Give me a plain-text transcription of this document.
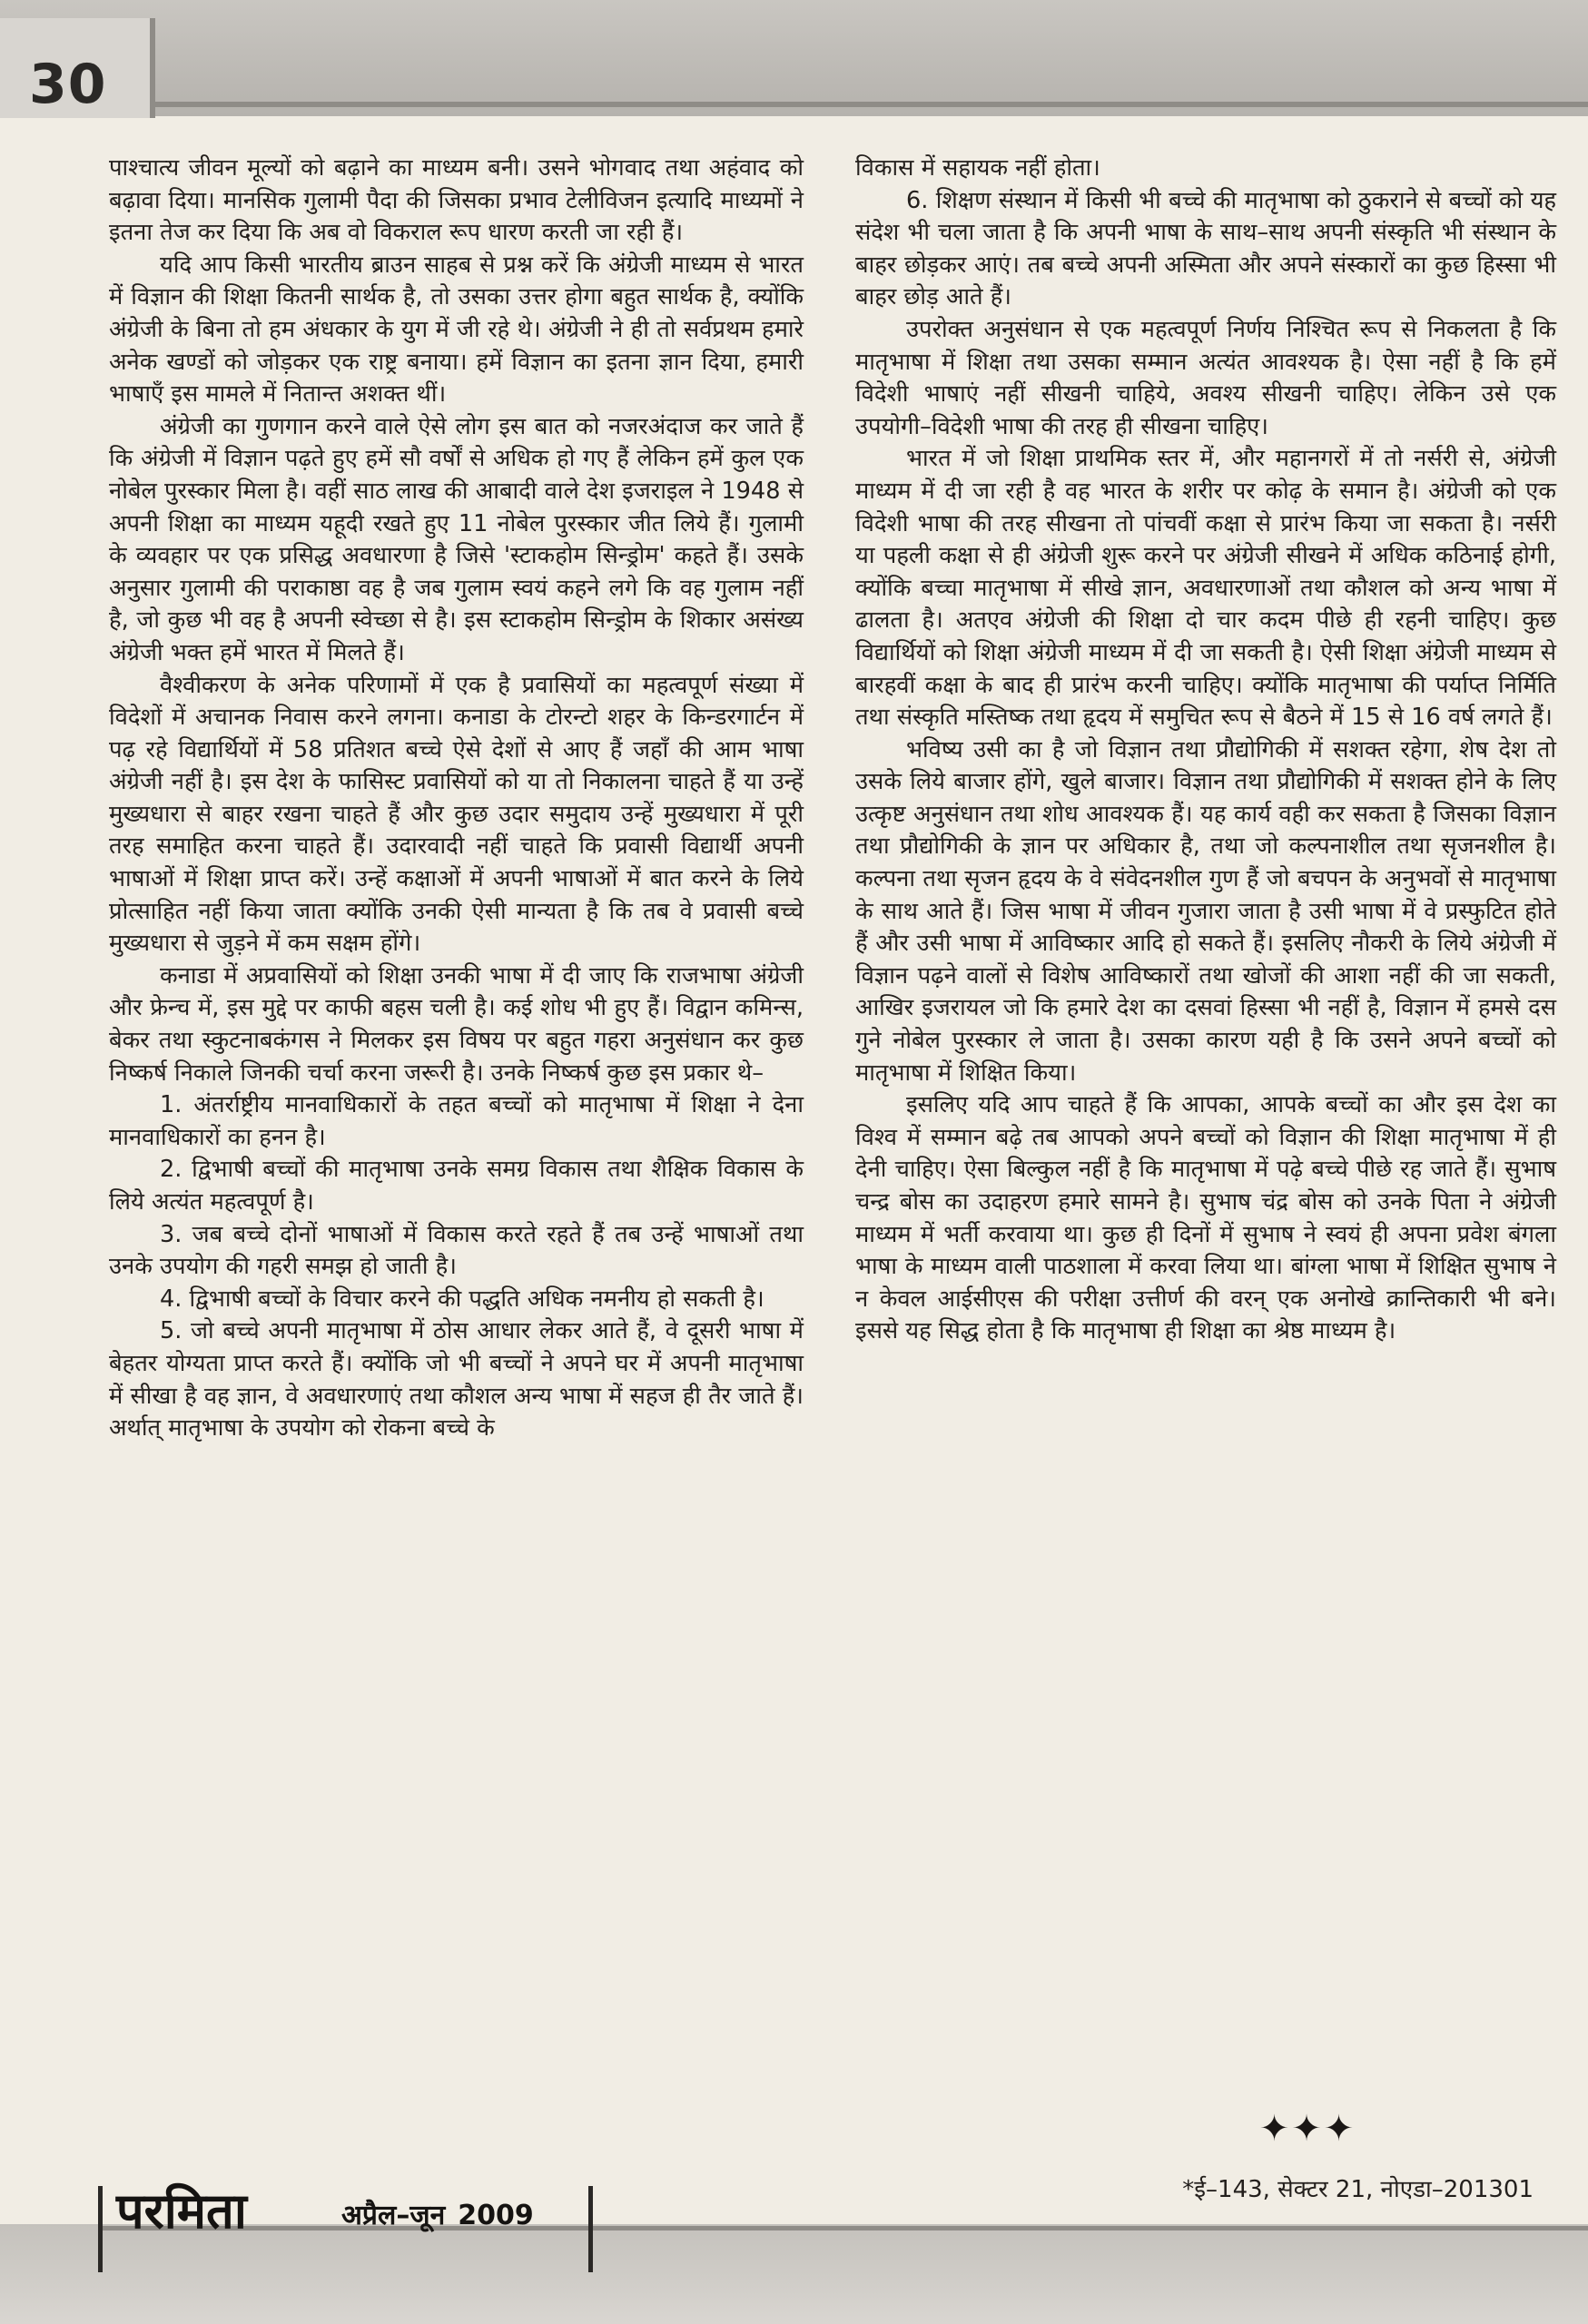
30

पाश्चात्य जीवन मूल्यों को बढ़ाने का माध्यम बनी। उसने भोगवाद तथा अहंवाद को बढ़ावा दिया। मानसिक गुलामी पैदा की जिसका प्रभाव टेलीविजन इत्यादि माध्यमों ने इतना तेज कर दिया कि अब वो विकराल रूप धारण करती जा रही हैं।

यदि आप किसी भारतीय ब्राउन साहब से प्रश्न करें कि अंग्रेजी माध्यम से भारत में विज्ञान की शिक्षा कितनी सार्थक है, तो उसका उत्तर होगा बहुत सार्थक है, क्योंकि अंग्रेजी के बिना तो हम अंधकार के युग में जी रहे थे। अंग्रेजी ने ही तो सर्वप्रथम हमारे अनेक खण्डों को जोड़कर एक राष्ट्र बनाया। हमें विज्ञान का इतना ज्ञान दिया, हमारी भाषाएँ इस मामले में नितान्त अशक्त थीं।

अंग्रेजी का गुणगान करने वाले ऐसे लोग इस बात को नजरअंदाज कर जाते हैं कि अंग्रेजी में विज्ञान पढ़ते हुए हमें सौ वर्षों से अधिक हो गए हैं लेकिन हमें कुल एक नोबेल पुरस्कार मिला है। वहीं साठ लाख की आबादी वाले देश इजराइल ने 1948 से अपनी शिक्षा का माध्यम यहूदी रखते हुए 11 नोबेल पुरस्कार जीत लिये हैं। गुलामी के व्यवहार पर एक प्रसिद्ध अवधारणा है जिसे 'स्टाकहोम सिन्ड्रोम' कहते हैं। उसके अनुसार गुलामी की पराकाष्ठा वह है जब गुलाम स्वयं कहने लगे कि वह गुलाम नहीं है, जो कुछ भी वह है अपनी स्वेच्छा से है। इस स्टाकहोम सिन्ड्रोम के शिकार असंख्य अंग्रेजी भक्त हमें भारत में मिलते हैं।

वैश्वीकरण के अनेक परिणामों में एक है प्रवासियों का महत्वपूर्ण संख्या में विदेशों में अचानक निवास करने लगना। कनाडा के टोरन्टो शहर के किन्डरगार्टन में पढ़ रहे विद्यार्थियों में 58 प्रतिशत बच्चे ऐसे देशों से आए हैं जहाँ की आम भाषा अंग्रेजी नहीं है। इस देश के फासिस्ट प्रवासियों को या तो निकालना चाहते हैं या उन्हें मुख्यधारा से बाहर रखना चाहते हैं और कुछ उदार समुदाय उन्हें मुख्यधारा में पूरी तरह समाहित करना चाहते हैं। उदारवादी नहीं चाहते कि प्रवासी विद्यार्थी अपनी भाषाओं में शिक्षा प्राप्त करें। उन्हें कक्षाओं में अपनी भाषाओं में बात करने के लिये प्रोत्साहित नहीं किया जाता क्योंकि उनकी ऐसी मान्यता है कि तब वे प्रवासी बच्चे मुख्यधारा से जुड़ने में कम सक्षम होंगे।

कनाडा में अप्रवासियों को शिक्षा उनकी भाषा में दी जाए कि राजभाषा अंग्रेजी और फ्रेन्च में, इस मुद्दे पर काफी बहस चली है। कई शोध भी हुए हैं। विद्वान कमिन्स, बेकर तथा स्कुटनाबकंगस ने मिलकर इस विषय पर बहुत गहरा अनुसंधान कर कुछ निष्कर्ष निकाले जिनकी चर्चा करना जरूरी है। उनके निष्कर्ष कुछ इस प्रकार थे–

1. अंतर्राष्ट्रीय मानवाधिकारों के तहत बच्चों को मातृभाषा में शिक्षा ने देना मानवाधिकारों का हनन है।

2. द्विभाषी बच्चों की मातृभाषा उनके समग्र विकास तथा शैक्षिक विकास के लिये अत्यंत महत्वपूर्ण है।

3. जब बच्चे दोनों भाषाओं में विकास करते रहते हैं तब उन्हें भाषाओं तथा उनके उपयोग की गहरी समझ हो जाती है।

4. द्विभाषी बच्चों के विचार करने की पद्धति अधिक नमनीय हो सकती है।

5. जो बच्चे अपनी मातृभाषा में ठोस आधार लेकर आते हैं, वे दूसरी भाषा में बेहतर योग्यता प्राप्त करते हैं। क्योंकि जो भी बच्चों ने अपने घर में अपनी मातृभाषा में सीखा है वह ज्ञान, वे अवधारणाएं तथा कौशल अन्य भाषा में सहज ही तैर जाते हैं। अर्थात् मातृभाषा के उपयोग को रोकना बच्चे के

विकास में सहायक नहीं होता।

6. शिक्षण संस्थान में किसी भी बच्चे की मातृभाषा को ठुकराने से बच्चों को यह संदेश भी चला जाता है कि अपनी भाषा के साथ–साथ अपनी संस्कृति भी संस्थान के बाहर छोड़कर आएं। तब बच्चे अपनी अस्मिता और अपने संस्कारों का कुछ हिस्सा भी बाहर छोड़ आते हैं।

उपरोक्त अनुसंधान से एक महत्वपूर्ण निर्णय निश्चित रूप से निकलता है कि मातृभाषा में शिक्षा तथा उसका सम्मान अत्यंत आवश्यक है। ऐसा नहीं है कि हमें विदेशी भाषाएं नहीं सीखनी चाहिये, अवश्य सीखनी चाहिए। लेकिन उसे एक उपयोगी–विदेशी भाषा की तरह ही सीखना चाहिए।

भारत में जो शिक्षा प्राथमिक स्तर में, और महानगरों में तो नर्सरी से, अंग्रेजी माध्यम में दी जा रही है वह भारत के शरीर पर कोढ़ के समान है। अंग्रेजी को एक विदेशी भाषा की तरह सीखना तो पांचवीं कक्षा से प्रारंभ किया जा सकता है। नर्सरी या पहली कक्षा से ही अंग्रेजी शुरू करने पर अंग्रेजी सीखने में अधिक कठिनाई होगी, क्योंकि बच्चा मातृभाषा में सीखे ज्ञान, अवधारणाओं तथा कौशल को अन्य भाषा में ढालता है। अतएव अंग्रेजी की शिक्षा दो चार कदम पीछे ही रहनी चाहिए। कुछ विद्यार्थियों को शिक्षा अंग्रेजी माध्यम में दी जा सकती है। ऐसी शिक्षा अंग्रेजी माध्यम से बारहवीं कक्षा के बाद ही प्रारंभ करनी चाहिए। क्योंकि मातृभाषा की पर्याप्त निर्मिति तथा संस्कृति मस्तिष्क तथा हृदय में समुचित रूप से बैठने में 15 से 16 वर्ष लगते हैं।

भविष्य उसी का है जो विज्ञान तथा प्रौद्योगिकी में सशक्त रहेगा, शेष देश तो उसके लिये बाजार होंगे, खुले बाजार। विज्ञान तथा प्रौद्योगिकी में सशक्त होने के लिए उत्कृष्ट अनुसंधान तथा शोध आवश्यक हैं। यह कार्य वही कर सकता है जिसका विज्ञान तथा प्रौद्योगिकी के ज्ञान पर अधिकार है, तथा जो कल्पनाशील तथा सृजनशील है। कल्पना तथा सृजन हृदय के वे संवेदनशील गुण हैं जो बचपन के अनुभवों से मातृभाषा के साथ आते हैं। जिस भाषा में जीवन गुजारा जाता है उसी भाषा में वे प्रस्फुटित होते हैं और उसी भाषा में आविष्कार आदि हो सकते हैं। इसलिए नौकरी के लिये अंग्रेजी में विज्ञान पढ़ने वालों से विशेष आविष्कारों तथा खोजों की आशा नहीं की जा सकती, आखिर इजरायल जो कि हमारे देश का दसवां हिस्सा भी नहीं है, विज्ञान में हमसे दस गुने नोबेल पुरस्कार ले जाता है। उसका कारण यही है कि उसने अपने बच्चों को मातृभाषा में शिक्षित किया।

इसलिए यदि आप चाहते हैं कि आपका, आपके बच्चों का और इस देश का विश्व में सम्मान बढ़े तब आपको अपने बच्चों को विज्ञान की शिक्षा मातृभाषा में ही देनी चाहिए। ऐसा बिल्कुल नहीं है कि मातृभाषा में पढ़े बच्चे पीछे रह जाते हैं। सुभाष चन्द्र बोस का उदाहरण हमारे सामने है। सुभाष चंद्र बोस को उनके पिता ने अंग्रेजी माध्यम में भर्ती करवाया था। कुछ ही दिनों में सुभाष ने स्वयं ही अपना प्रवेश बंगला भाषा के माध्यम वाली पाठशाला में करवा लिया था। बांग्ला भाषा में शिक्षित सुभाष ने न केवल आईसीएस की परीक्षा उत्तीर्ण की वरन् एक अनोखे क्रान्तिकारी भी बने। इससे यह सिद्ध होता है कि मातृभाषा ही शिक्षा का श्रेष्ठ माध्यम है।

✦✦✦
*ई–143, सेक्टर 21, नोएडा–201301
परमिता	अप्रैल–जून 2009
